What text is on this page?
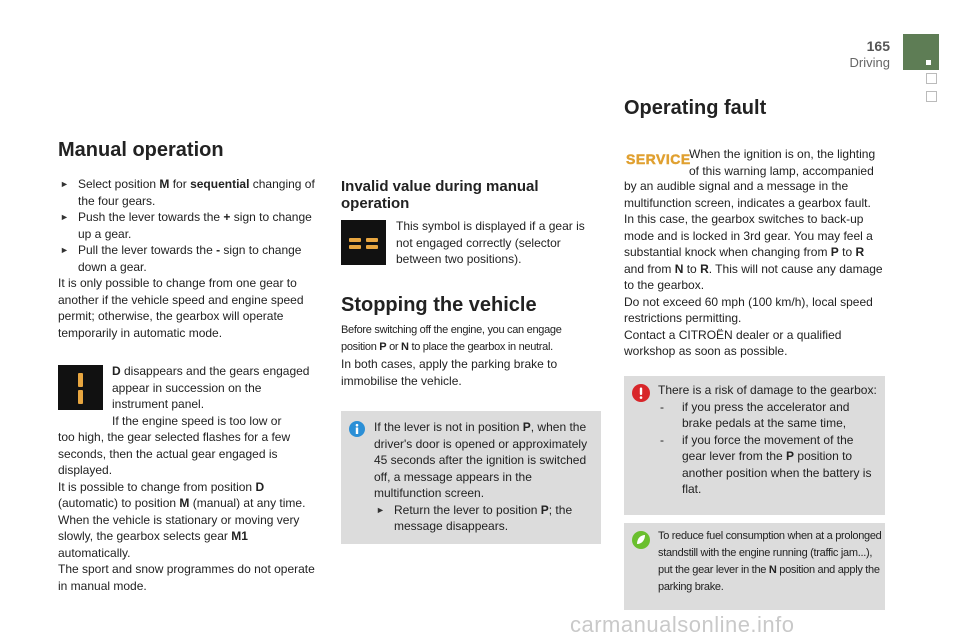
165
Driving
Manual operation
► Select position M for sequential changing of the four gears.
► Push the lever towards the + sign to change up a gear.
► Pull the lever towards the - sign to change down a gear.

It is only possible to change from one gear to another if the vehicle speed and engine speed permit; otherwise, the gearbox will operate temporarily in automatic mode.

D disappears and the gears engaged appear in succession on the instrument panel.
If the engine speed is too low or

too high, the gear selected flashes for a few seconds, then the actual gear engaged is displayed.

It is possible to change from position D (automatic) to position M (manual) at any time.

When the vehicle is stationary or moving very slowly, the gearbox selects gear M1 automatically.

The sport and snow programmes do not operate in manual mode.

Invalid value during manual operation
This symbol is displayed if a gear is not engaged correctly (selector between two positions).
Stopping the vehicle
Before switching off the engine, you can engage
position P or N to place the gearbox in neutral.
In both cases, apply the parking brake to immobilise the vehicle.
If the lever is not in position P, when the driver's door is opened or approximately 45 seconds after the ignition is switched off, a message appears in the multifunction screen.
► Return the lever to position P; the message disappears.
Operating fault
SERVICE
When the ignition is on, the lighting of this warning lamp, accompanied

by an audible signal and a message in the multifunction screen, indicates a gearbox fault.

In this case, the gearbox switches to back-up mode and is locked in 3rd gear. You may feel a substantial knock when changing from P to R and from N to R. This will not cause any damage to the gearbox.

Do not exceed 60 mph (100 km/h), local speed restrictions permitting.

Contact a CITROËN dealer or a qualified workshop as soon as possible.

There is a risk of damage to the gearbox:
- if you press the accelerator and brake pedals at the same time,
- if you force the movement of the gear lever from the P position to another position when the battery is flat.
To reduce fuel consumption when at a prolonged standstill with the engine running (traffic jam...), put the gear lever in the N position and apply the parking brake.
carmanualsonline.info
